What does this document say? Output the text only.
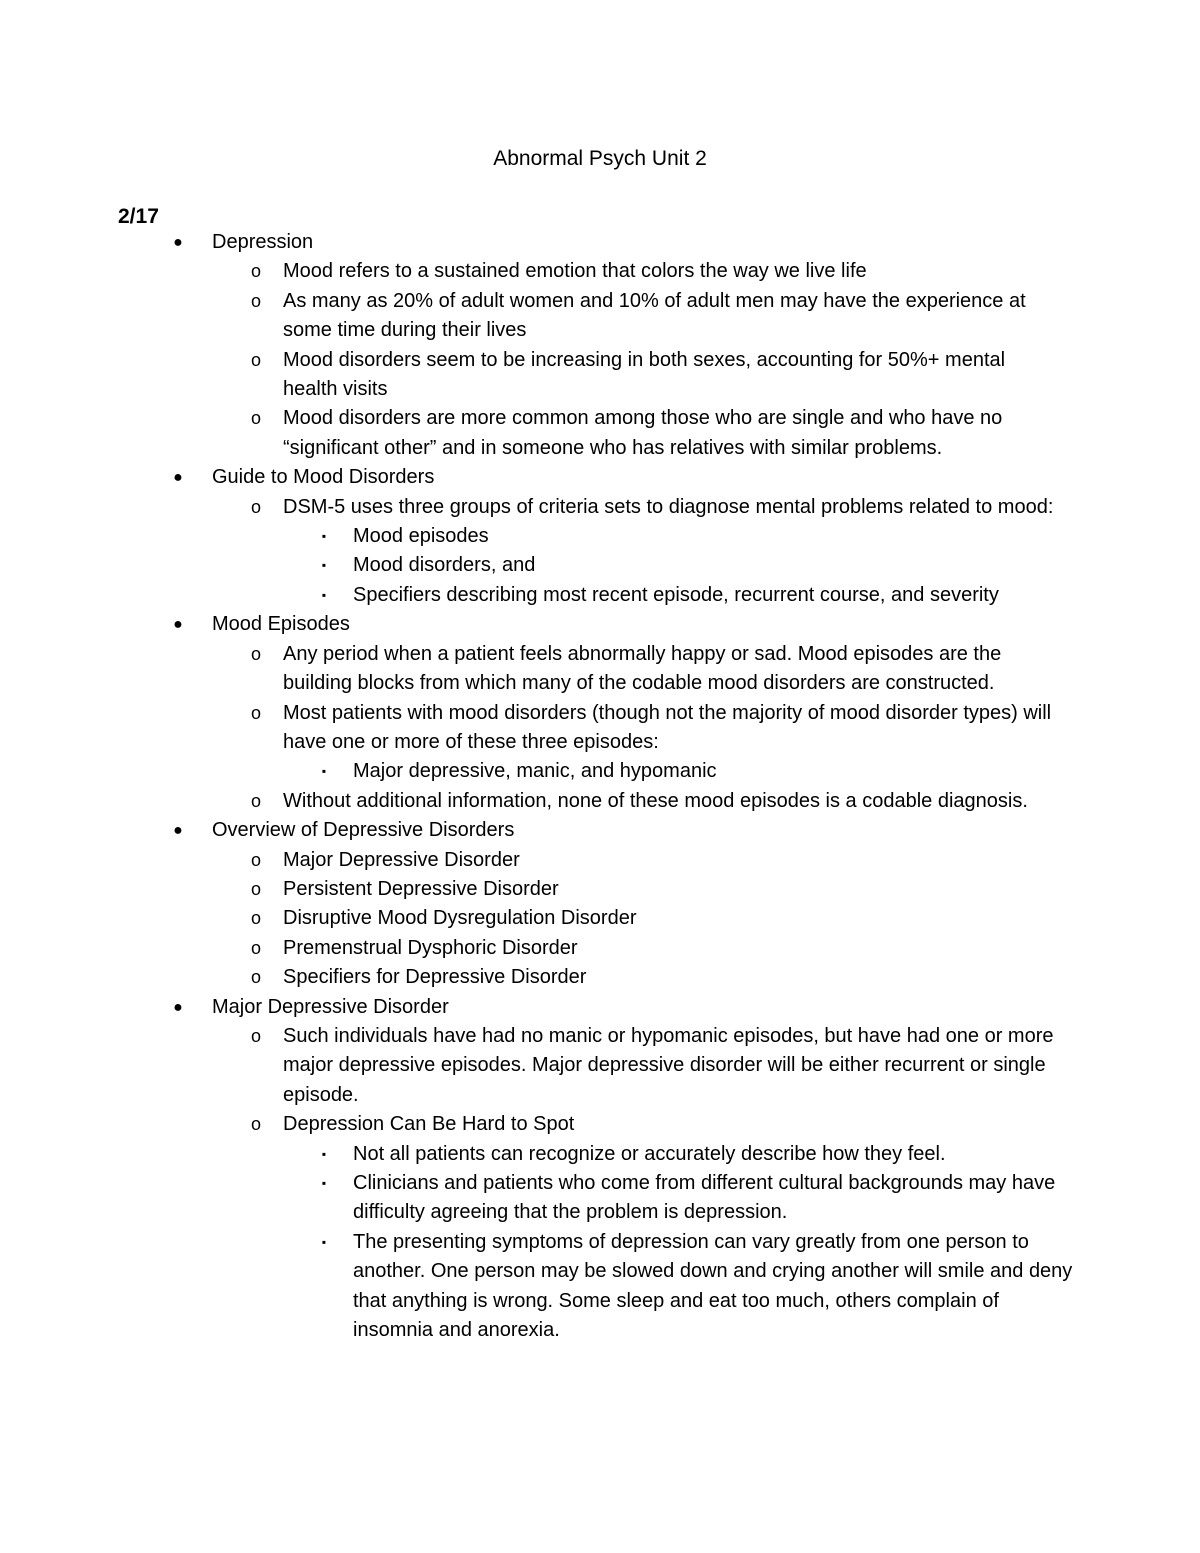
Abnormal Psych Unit 2
2/17
●	Depression
o	Mood refers to a sustained emotion that colors the way we live life
o	As many as 20% of adult women and 10% of adult men may have the experience at some time during their lives
o	Mood disorders seem to be increasing in both sexes, accounting for 50%+ mental health visits
o	Mood disorders are more common among those who are single and who have no “significant other” and in someone who has relatives with similar problems.
●	Guide to Mood Disorders
o	DSM-5 uses three groups of criteria sets to diagnose mental problems related to mood:
▪	Mood episodes
▪	Mood disorders, and
▪	Specifiers describing most recent episode, recurrent course, and severity
●	Mood Episodes
o	Any period when a patient feels abnormally happy or sad. Mood episodes are the building blocks from which many of the codable mood disorders are constructed.
o	Most patients with mood disorders (though not the majority of mood disorder types) will have one or more of these three episodes:
▪	Major depressive, manic, and hypomanic
o	Without additional information, none of these mood episodes is a codable diagnosis.
●	Overview of Depressive Disorders
o	Major Depressive Disorder
o	Persistent Depressive Disorder
o	Disruptive Mood Dysregulation Disorder
o	Premenstrual Dysphoric Disorder
o	Specifiers for Depressive Disorder
●	Major Depressive Disorder
o	Such individuals have had no manic or hypomanic episodes, but have had one or more major depressive episodes. Major depressive disorder will be either recurrent or single episode.
o	Depression Can Be Hard to Spot
▪	Not all patients can recognize or accurately describe how they feel.
▪	Clinicians and patients who come from different cultural backgrounds may have difficulty agreeing that the problem is depression.
▪	The presenting symptoms of depression can vary greatly from one person to another. One person may be slowed down and crying another will smile and deny that anything is wrong. Some sleep and eat too much, others complain of insomnia and anorexia.
